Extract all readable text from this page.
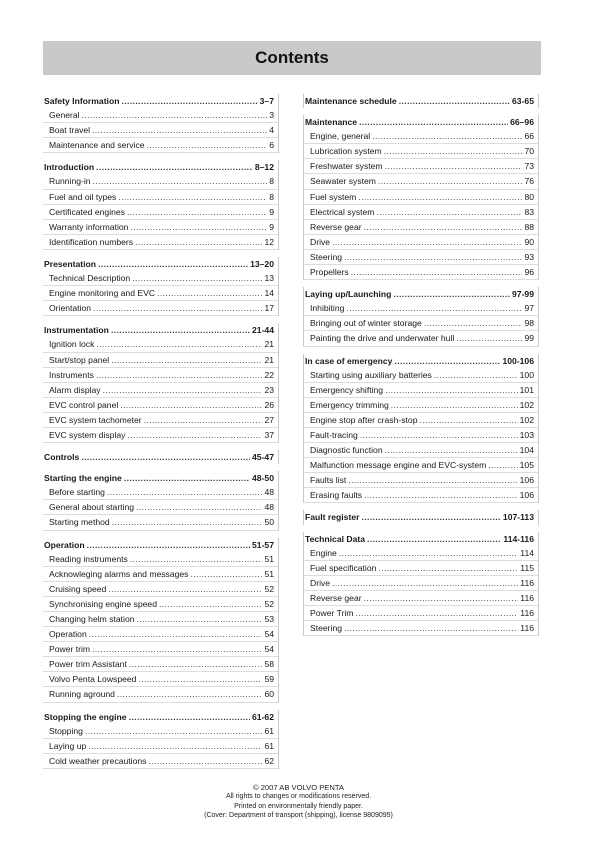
Contents
Safety Information .....	3–7
General .....	3
Boat travel .....	4
Maintenance and service .....	6
Introduction .....	8–12
Running-in .....	8
Fuel and oil types .....	8
Certificated engines .....	9
Warranty information .....	9
Identification numbers .....	12
Presentation .....	13–20
Technical Description .....	13
Engine monitoring and EVC .....	14
Orientation .....	17
Instrumentation .....	21-44
Ignition lock .....	21
Start/stop panel .....	21
Instruments .....	22
Alarm display .....	23
EVC control panel .....	26
EVC system tachometer .....	27
EVC system display .....	37
Controls .....	45-47
Starting the engine .....	48-50
Before starting .....	48
General about starting .....	48
Starting method .....	50
Operation .....	51-57
Reading instruments .....	51
Acknowleging alarms and messages .....	51
Cruising speed .....	52
Synchronising engine speed .....	52
Changing helm station .....	53
Operation .....	54
Power trim .....	54
Power trim Assistant .....	58
Volvo Penta Lowspeed .....	59
Running aground .....	60
Stopping the engine .....	61-62
Stopping .....	61
Laying up .....	61
Cold weather precautions .....	62
Maintenance schedule .....	63-65
Maintenance .....	66–96
Engine, general .....	66
Lubrication system .....	70
Freshwater system .....	73
Seawater system .....	76
Fuel system .....	80
Electrical system .....	83
Reverse gear .....	88
Drive .....	90
Steering .....	93
Propellers .....	96
Laying up/Launching .....	97-99
Inhibiting .....	97
Bringing out of winter storage .....	98
Painting the drive and underwater hull .....	99
In case of emergency .....	100-106
Starting using auxiliary batteries .....	100
Emergency shifting .....	101
Emergency trimming .....	102
Engine stop after crash-stop .....	102
Fault-tracing .....	103
Diagnostic function .....	104
Malfunction message engine and EVC-system .....	105
Faults list .....	106
Erasing faults .....	106
Fault register .....	107-113
Technical Data .....	114-116
Engine .....	114
Fuel specification .....	115
Drive .....	116
Reverse gear .....	116
Power Trim .....	116
Steering .....	116
© 2007 AB VOLVO PENTA
All rights to changes or modifications reserved.
Printed on environmentally friendly paper.
(Cover: Department of transport (shipping), license 9809095)
